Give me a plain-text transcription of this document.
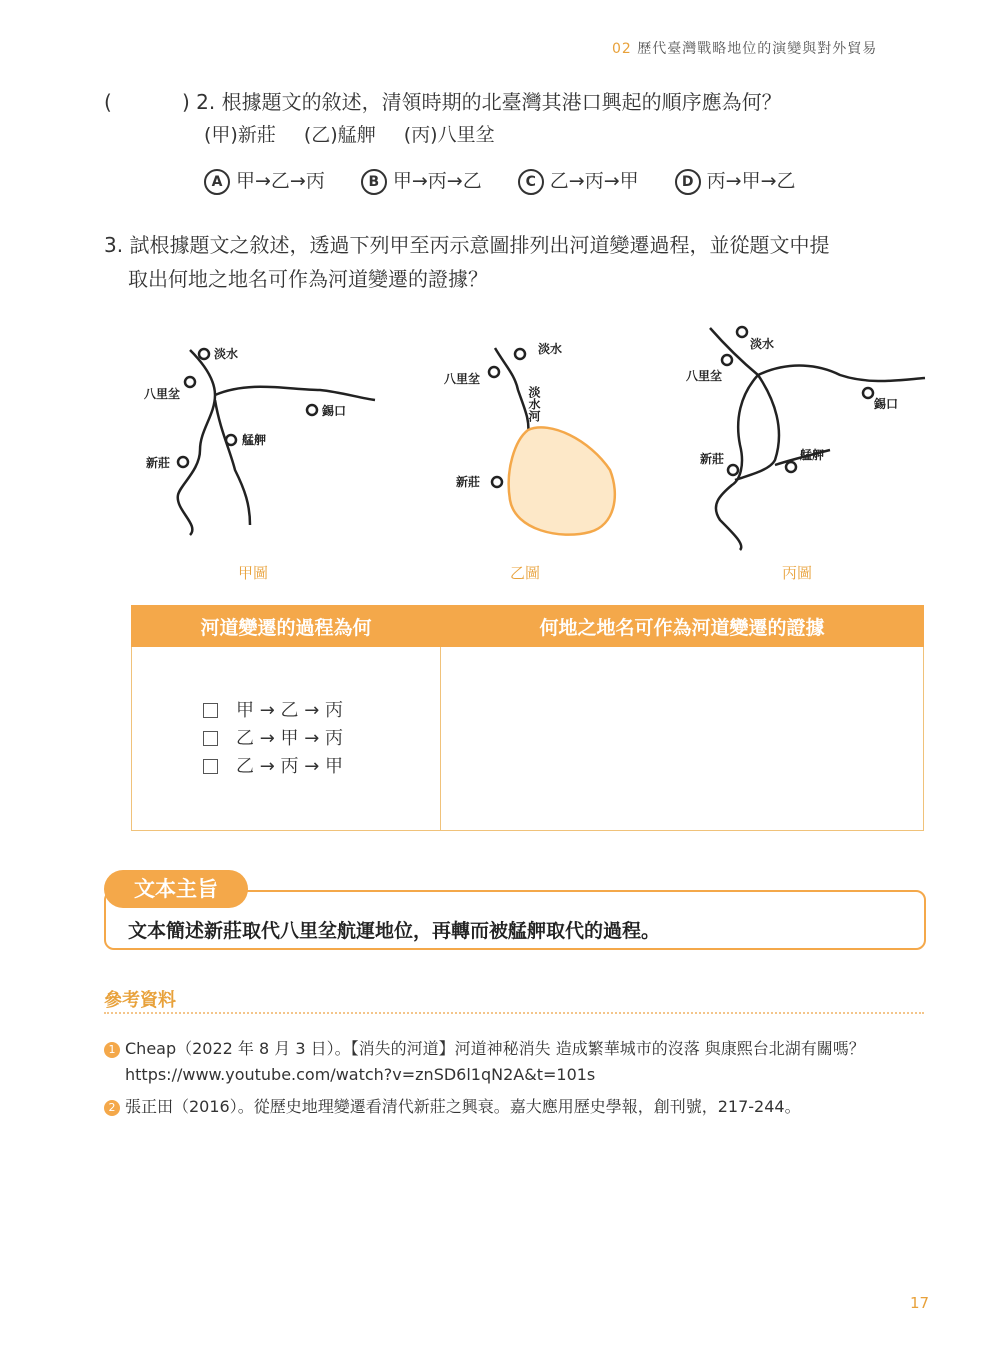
02 歷代臺灣戰略地位的演變與對外貿易
(	) 2. 根據題文的敘述，清領時期的北臺灣其港口興起的順序應為何？
(甲)新莊 (乙)艋舺 (丙)八里坌
A 甲→乙→丙	B 甲→丙→乙	C 乙→丙→甲	D 丙→甲→乙
3. 試根據題文之敘述，透過下列甲至丙示意圖排列出河道變遷過程，並從題文中提
取出何地之地名可作為河道變遷的證據？
淡水
八里坌
錫口
艋舺
新莊
甲圖
淡水
八里坌
淡水河
新莊
乙圖
淡水
八里坌
錫口
新莊	艋舺
丙圖
河道變遷的過程為何	何地之地名可作為河道變遷的證據

甲 → 乙 → 丙
乙 → 甲 → 丙
乙 → 丙 → 甲	

文本主旨
文本簡述新莊取代八里坌航運地位，再轉而被艋舺取代的過程。
參考資料
1 Cheap（2022 年 8 月 3 日）。【消失的河道】河道神秘消失 造成繁華城市的沒落 與康熙台北湖有關嗎？
https://www.youtube.com/watch?v=znSD6l1qN2A&t=101s
2 張正田（2016）。從歷史地理變遷看清代新莊之興衰。嘉大應用歷史學報，創刊號，217-244。
17
